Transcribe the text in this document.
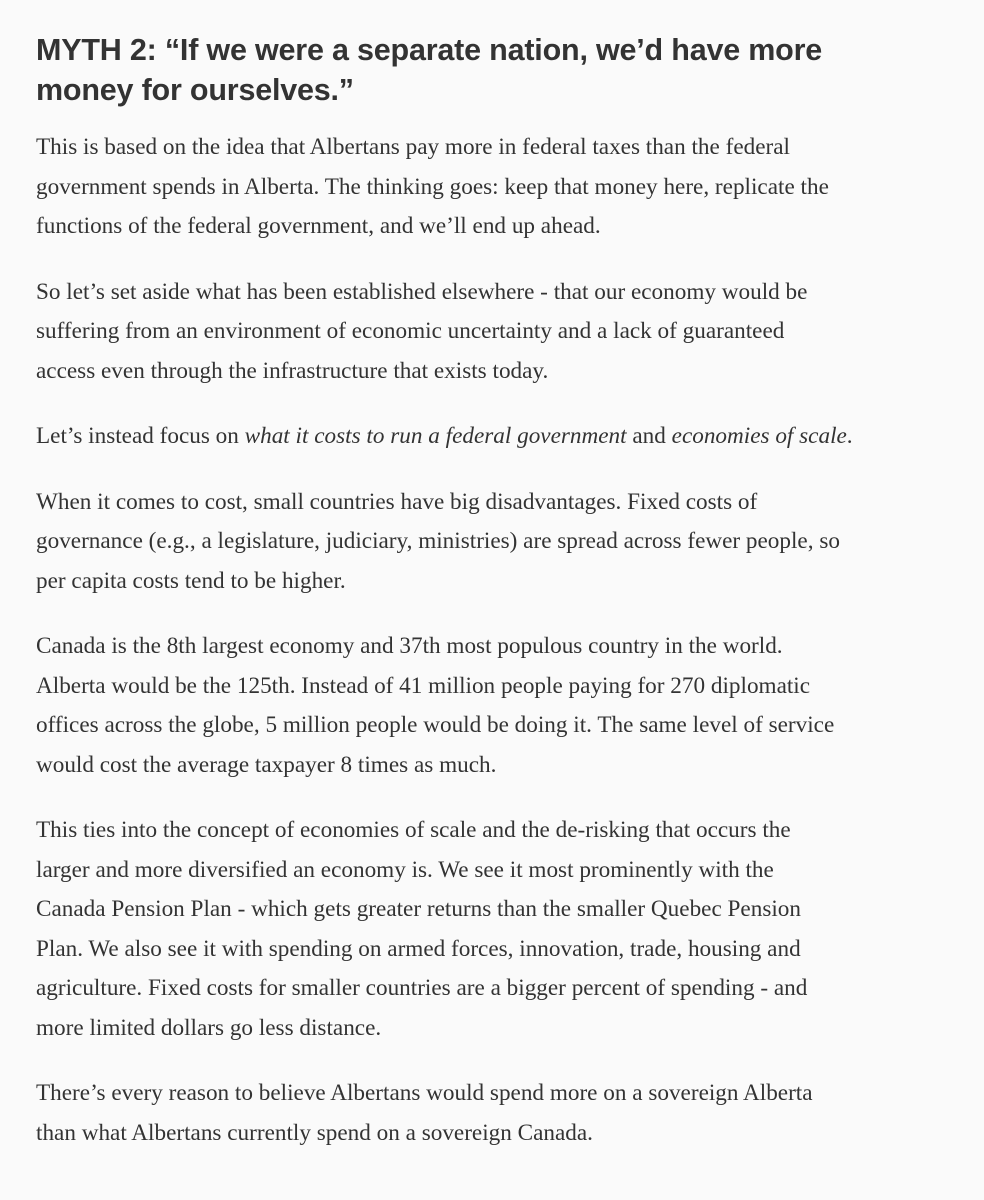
MYTH 2: “If we were a separate nation, we’d have more
money for ourselves.”

This is based on the idea that Albertans pay more in federal taxes than the federal
government spends in Alberta. The thinking goes: keep that money here, replicate the
functions of the federal government, and we’ll end up ahead.

So let’s set aside what has been established elsewhere - that our economy would be
suffering from an environment of economic uncertainty and a lack of guaranteed
access even through the infrastructure that exists today.

Let’s instead focus on what it costs to run a federal government and economies of scale.

When it comes to cost, small countries have big disadvantages. Fixed costs of
governance (e.g., a legislature, judiciary, ministries) are spread across fewer people, so
per capita costs tend to be higher.

Canada is the 8th largest economy and 37th most populous country in the world.
Alberta would be the 125th. Instead of 41 million people paying for 270 diplomatic
offices across the globe, 5 million people would be doing it. The same level of service
would cost the average taxpayer 8 times as much.

This ties into the concept of economies of scale and the de-risking that occurs the
larger and more diversified an economy is. We see it most prominently with the
Canada Pension Plan - which gets greater returns than the smaller Quebec Pension
Plan. We also see it with spending on armed forces, innovation, trade, housing and
agriculture. Fixed costs for smaller countries are a bigger percent of spending - and
more limited dollars go less distance.

There’s every reason to believe Albertans would spend more on a sovereign Alberta
than what Albertans currently spend on a sovereign Canada.
